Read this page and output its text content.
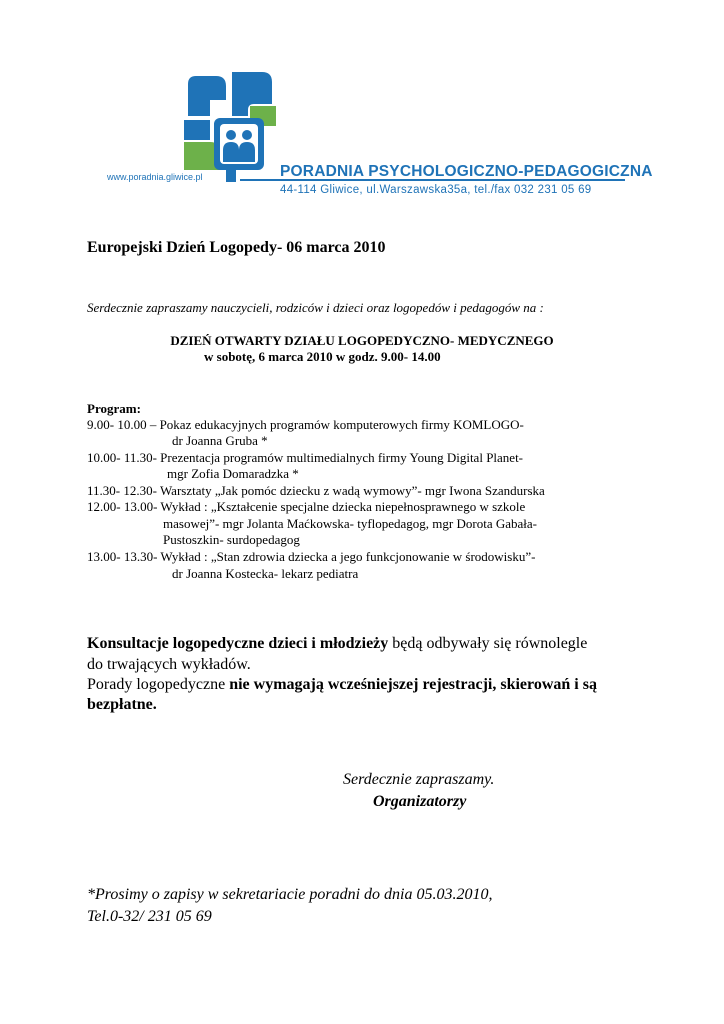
www.poradnia.gliwice.pl	PORADNIA PSYCHOLOGICZNO-PEDAGOGICZNA
44-114 Gliwice, ul.Warszawska35a, tel./fax 032 231 05 69
Europejski Dzień Logopedy- 06 marca 2010
Serdecznie zapraszamy nauczycieli, rodziców i dzieci oraz logopedów i pedagogów na :
DZIEŃ OTWARTY DZIAŁU LOGOPEDYCZNO- MEDYCZNEGO
w sobotę, 6 marca 2010 w godz. 9.00- 14.00
Program:
9.00- 10.00 – Pokaz edukacyjnych programów komputerowych firmy KOMLOGO-
dr Joanna Gruba *
10.00- 11.30- Prezentacja programów multimedialnych firmy Young Digital Planet-
mgr Zofia Domaradzka *
11.30- 12.30- Warsztaty „Jak pomóc dziecku z wadą wymowy”- mgr Iwona Szandurska
12.00- 13.00- Wykład : „Kształcenie specjalne dziecka niepełnosprawnego w szkole
masowej”- mgr Jolanta Maćkowska- tyflopedagog, mgr Dorota Gabała-
Pustoszkin- surdopedagog
13.00- 13.30- Wykład : „Stan zdrowia dziecka a jego funkcjonowanie w środowisku”-
dr Joanna Kostecka- lekarz pediatra
Konsultacje logopedyczne dzieci i młodzieży będą odbywały się równolegle
do trwających wykładów.
Porady logopedyczne nie wymagają wcześniejszej rejestracji, skierowań i są
bezpłatne.
Serdecznie zapraszamy.
Organizatorzy
*Prosimy o zapisy w sekretariacie poradni do dnia 05.03.2010,
Tel.0-32/ 231 05 69
